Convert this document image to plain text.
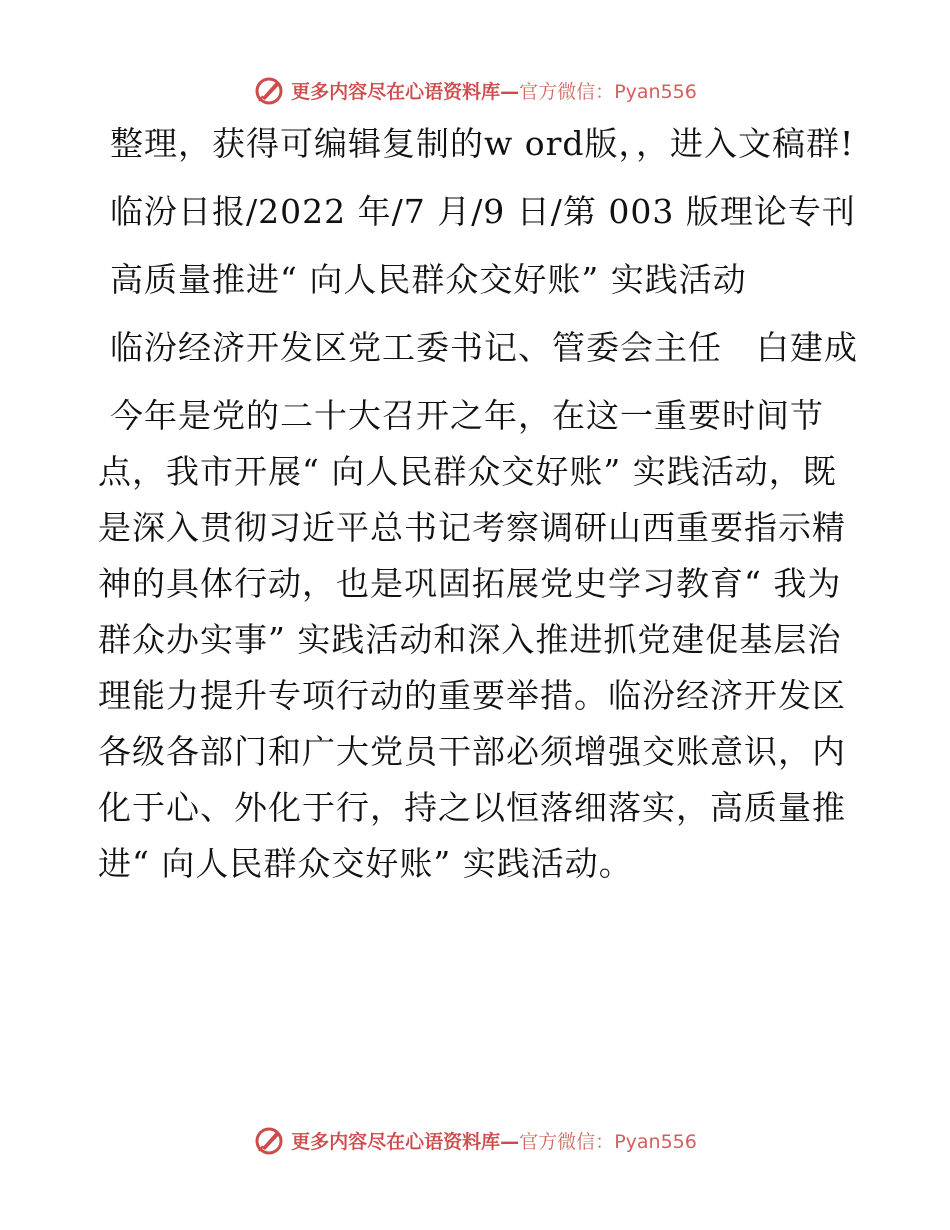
更多内容尽在心语资料库—官方微信：Pyan556

整理，获得可编辑复制的w ord版，，进入文稿群!

临汾日报/2022 年/7 月/9 日/第 003 版理论专刊

高质量推进“ 向人民群众交好账” 实践活动

临汾经济开发区党工委书记、管委会主任　白建成

今年是党的二十大召开之年，在这一重要时间节点，我市开展“ 向人民群众交好账” 实践活动，既是深入贯彻习近平总书记考察调研山西重要指示精神的具体行动，也是巩固拓展党史学习教育“ 我为群众办实事” 实践活动和深入推进抓党建促基层治理能力提升专项行动的重要举措。临汾经济开发区各级各部门和广大党员干部必须增强交账意识，内化于心、外化于行，持之以恒落细落实，高质量推进“ 向人民群众交好账” 实践活动。

更多内容尽在心语资料库—官方微信：Pyan556
